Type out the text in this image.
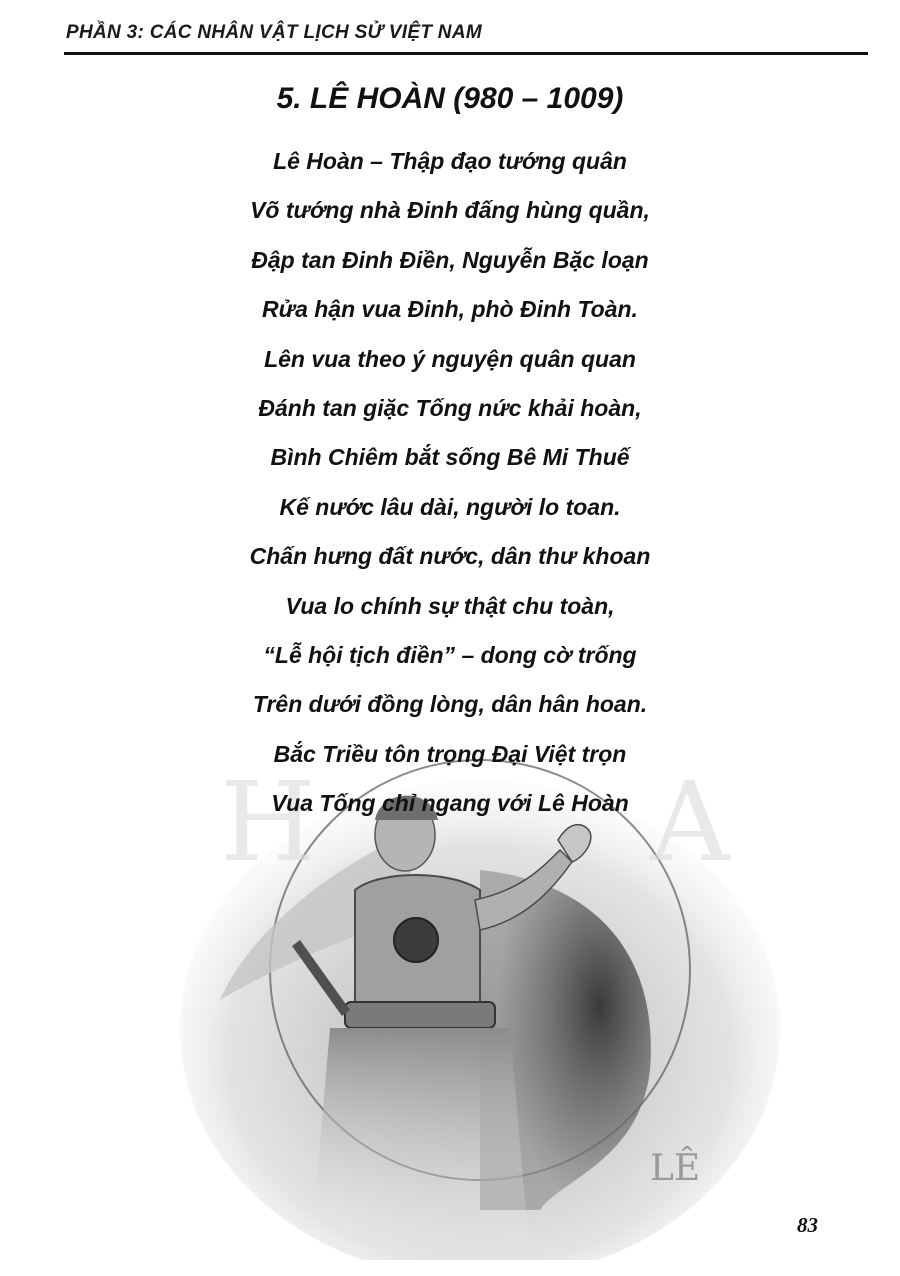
PHẦN 3: CÁC NHÂN VẬT LỊCH SỬ VIỆT NAM
5. LÊ HOÀN (980 – 1009)
H	A
LÊ
Lê Hoàn – Thập đạo tướng quân
Võ tướng nhà Đinh đấng hùng quần,
Đập tan Đinh Điền, Nguyễn Bặc loạn
Rửa hận vua Đinh, phò Đinh Toàn.
Lên vua theo ý nguyện quân quan
Đánh tan giặc Tống nức khải hoàn,
Bình Chiêm bắt sống Bê Mi Thuế
Kế nước lâu dài, người lo toan.
Chấn hưng đất nước, dân thư khoan
Vua lo chính sự thật chu toàn,
“Lễ hội tịch điền” – dong cờ trống
Trên dưới đồng lòng, dân hân hoan.
Bắc Triều tôn trọng Đại Việt trọn
Vua Tống chỉ ngang với Lê Hoàn
83
